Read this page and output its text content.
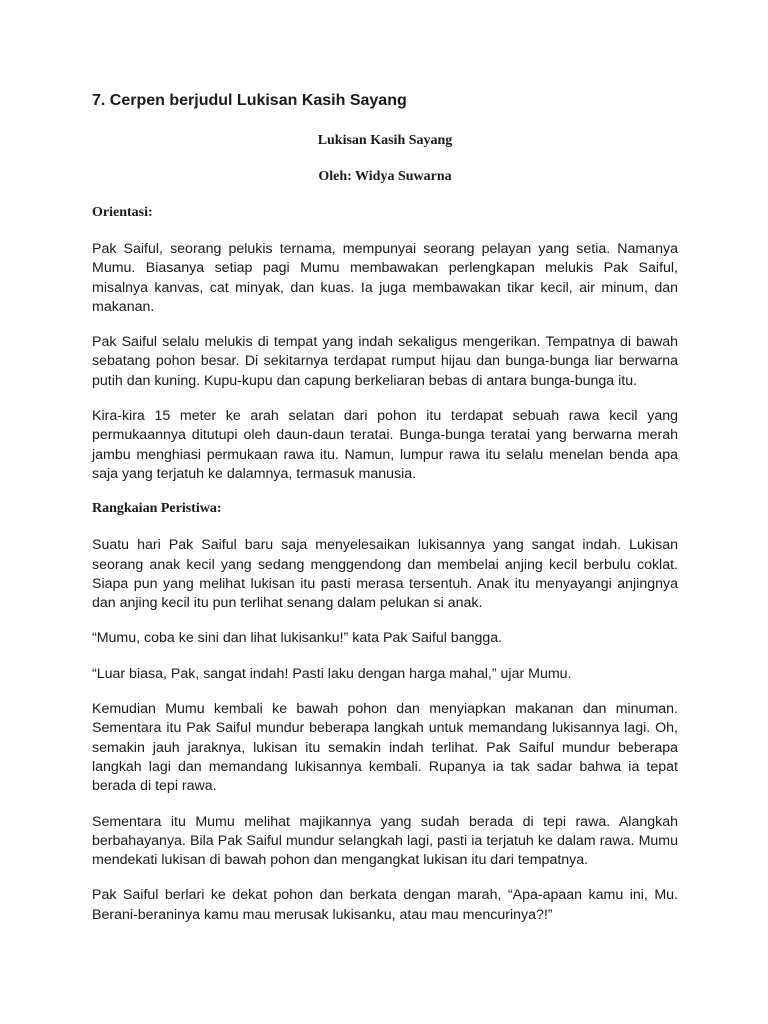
7. Cerpen berjudul Lukisan Kasih Sayang
Lukisan Kasih Sayang
Oleh: Widya Suwarna
Orientasi:

Pak Saiful, seorang pelukis ternama, mempunyai seorang pelayan yang setia. Namanya Mumu. Biasanya setiap pagi Mumu membawakan perlengkapan melukis Pak Saiful, misalnya kanvas, cat minyak, dan kuas. Ia juga membawakan tikar kecil, air minum, dan makanan.

Pak Saiful selalu melukis di tempat yang indah sekaligus mengerikan. Tempatnya di bawah sebatang pohon besar. Di sekitarnya terdapat rumput hijau dan bunga-bunga liar berwarna putih dan kuning. Kupu-kupu dan capung berkeliaran bebas di antara bunga-bunga itu.

Kira-kira 15 meter ke arah selatan dari pohon itu terdapat sebuah rawa kecil yang permukaannya ditutupi oleh daun-daun teratai. Bunga-bunga teratai yang berwarna merah jambu menghiasi permukaan rawa itu. Namun, lumpur rawa itu selalu menelan benda apa saja yang terjatuh ke dalamnya, termasuk manusia.

Rangkaian Peristiwa:

Suatu hari Pak Saiful baru saja menyelesaikan lukisannya yang sangat indah. Lukisan seorang anak kecil yang sedang menggendong dan membelai anjing kecil berbulu coklat. Siapa pun yang melihat lukisan itu pasti merasa tersentuh. Anak itu menyayangi anjingnya dan anjing kecil itu pun terlihat senang dalam pelukan si anak.

“Mumu, coba ke sini dan lihat lukisanku!” kata Pak Saiful bangga.

“Luar biasa, Pak, sangat indah! Pasti laku dengan harga mahal,” ujar Mumu.

Kemudian Mumu kembali ke bawah pohon dan menyiapkan makanan dan minuman. Sementara itu Pak Saiful mundur beberapa langkah untuk memandang lukisannya lagi. Oh, semakin jauh jaraknya, lukisan itu semakin indah terlihat. Pak Saiful mundur beberapa langkah lagi dan memandang lukisannya kembali. Rupanya ia tak sadar bahwa ia tepat berada di tepi rawa.

Sementara itu Mumu melihat majikannya yang sudah berada di tepi rawa. Alangkah berbahayanya. Bila Pak Saiful mundur selangkah lagi, pasti ia terjatuh ke dalam rawa. Mumu mendekati lukisan di bawah pohon dan mengangkat lukisan itu dari tempatnya.

Pak Saiful berlari ke dekat pohon dan berkata dengan marah, “Apa-apaan kamu ini, Mu. Berani-beraninya kamu mau merusak lukisanku, atau mau mencurinya?!”
